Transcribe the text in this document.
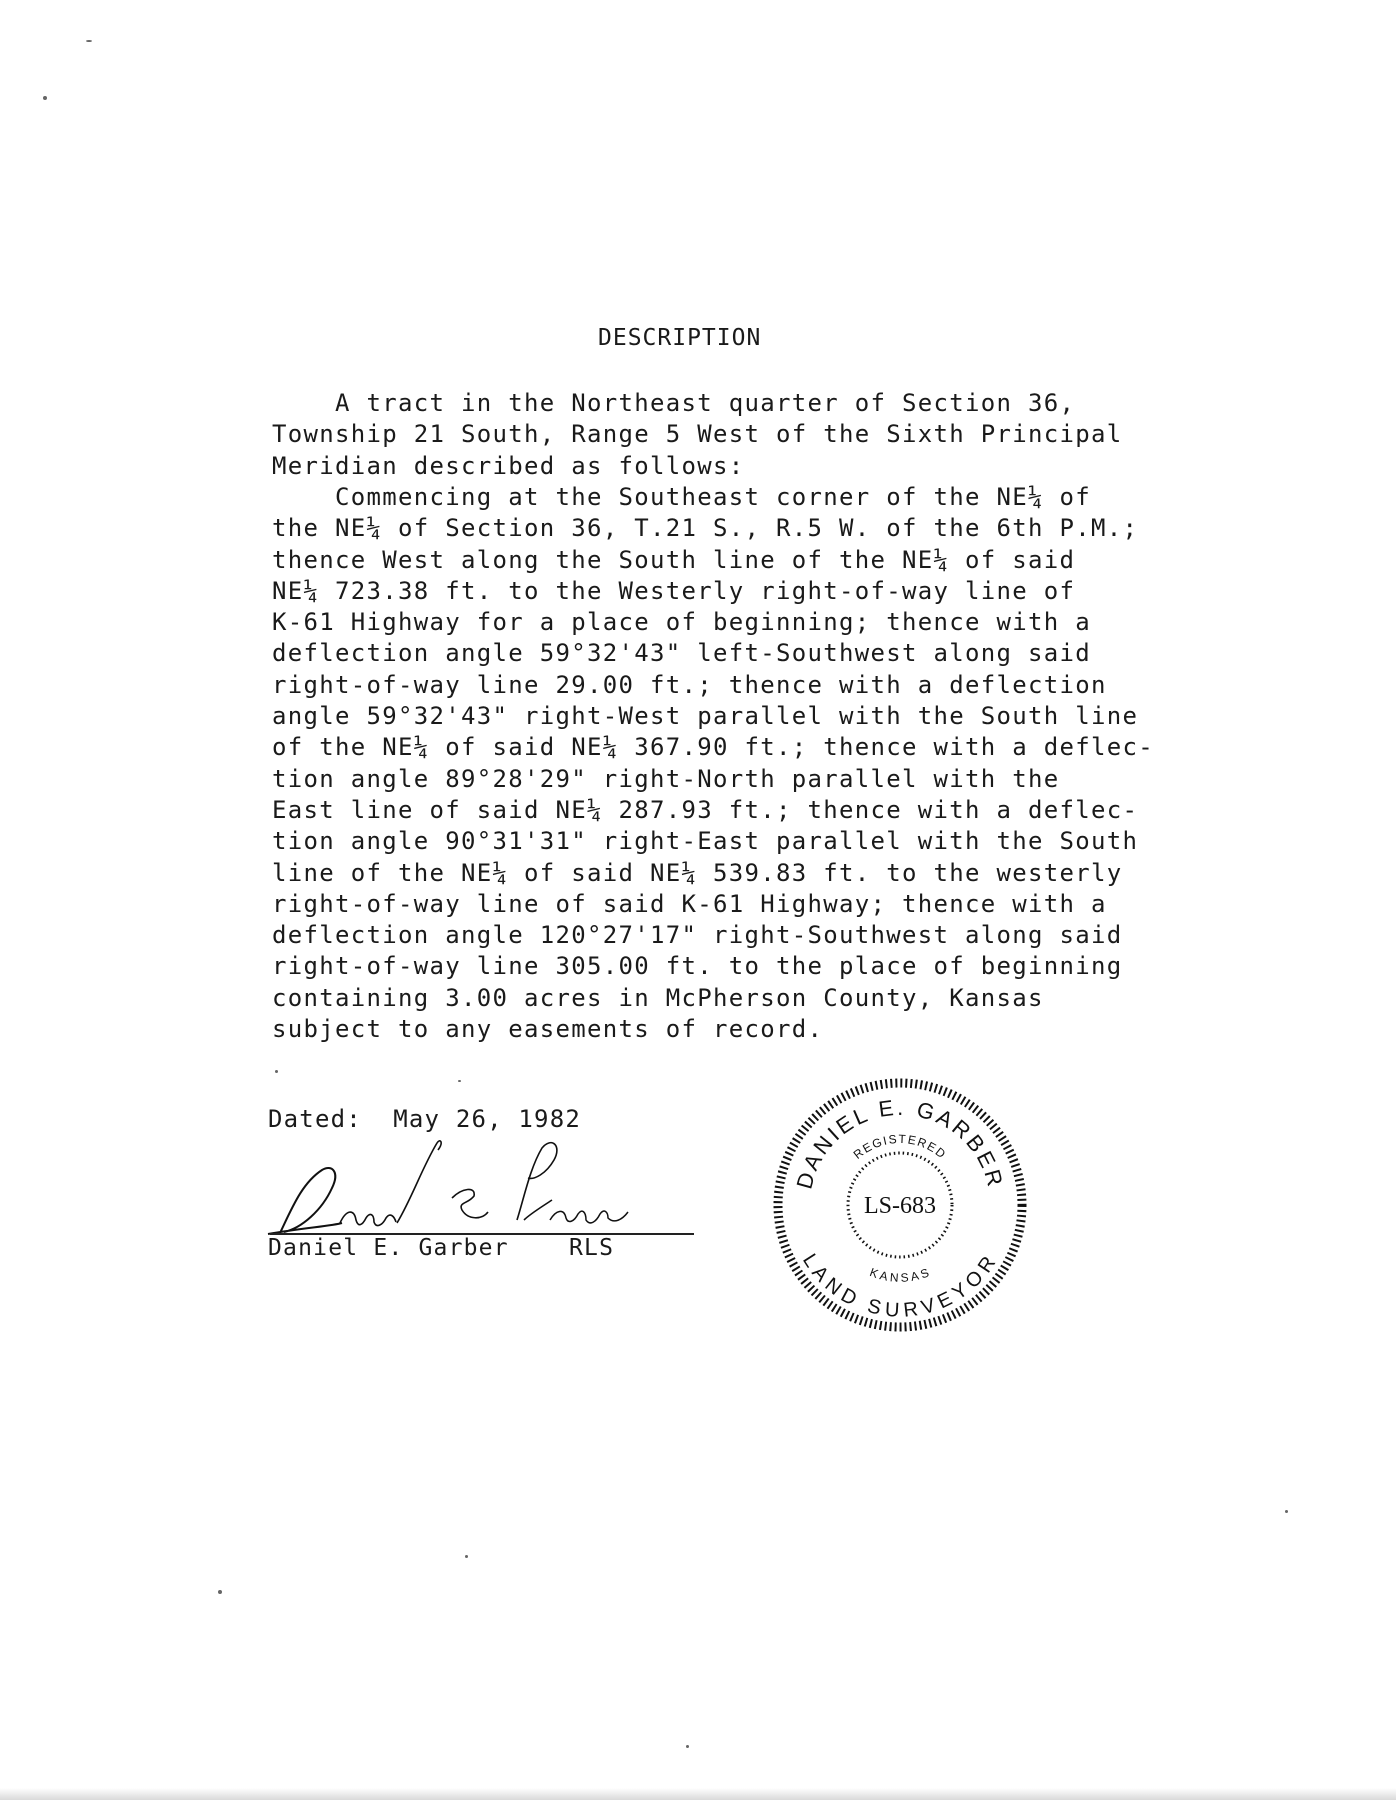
DESCRIPTION
A tract in the Northeast quarter of Section 36,
Township 21 South, Range 5 West of the Sixth Principal
Meridian described as follows:
Commencing at the Southeast corner of the NE¼ of
the NE¼ of Section 36, T.21 S., R.5 W. of the 6th P.M.;
thence West along the South line of the NE¼ of said
NE¼ 723.38 ft. to the Westerly right-of-way line of
K-61 Highway for a place of beginning; thence with a
deflection angle 59°32'43" left-Southwest along said
right-of-way line 29.00 ft.; thence with a deflection
angle 59°32'43" right-West parallel with the South line
of the NE¼ of said NE¼ 367.90 ft.; thence with a deflec-
tion angle 89°28'29" right-North parallel with the
East line of said NE¼ 287.93 ft.; thence with a deflec-
tion angle 90°31'31" right-East parallel with the South
line of the NE¼ of said NE¼ 539.83 ft. to the westerly
right-of-way line of said K-61 Highway; thence with a
deflection angle 120°27'17" right-Southwest along said
right-of-way line 305.00 ft. to the place of beginning
containing 3.00 acres in McPherson County, Kansas
subject to any easements of record.
Dated: May 26, 1982
Daniel E. Garber	RLS
DANIEL E. GARBER
LAND SURVEYOR
REGISTERED
KANSAS
LS-683
